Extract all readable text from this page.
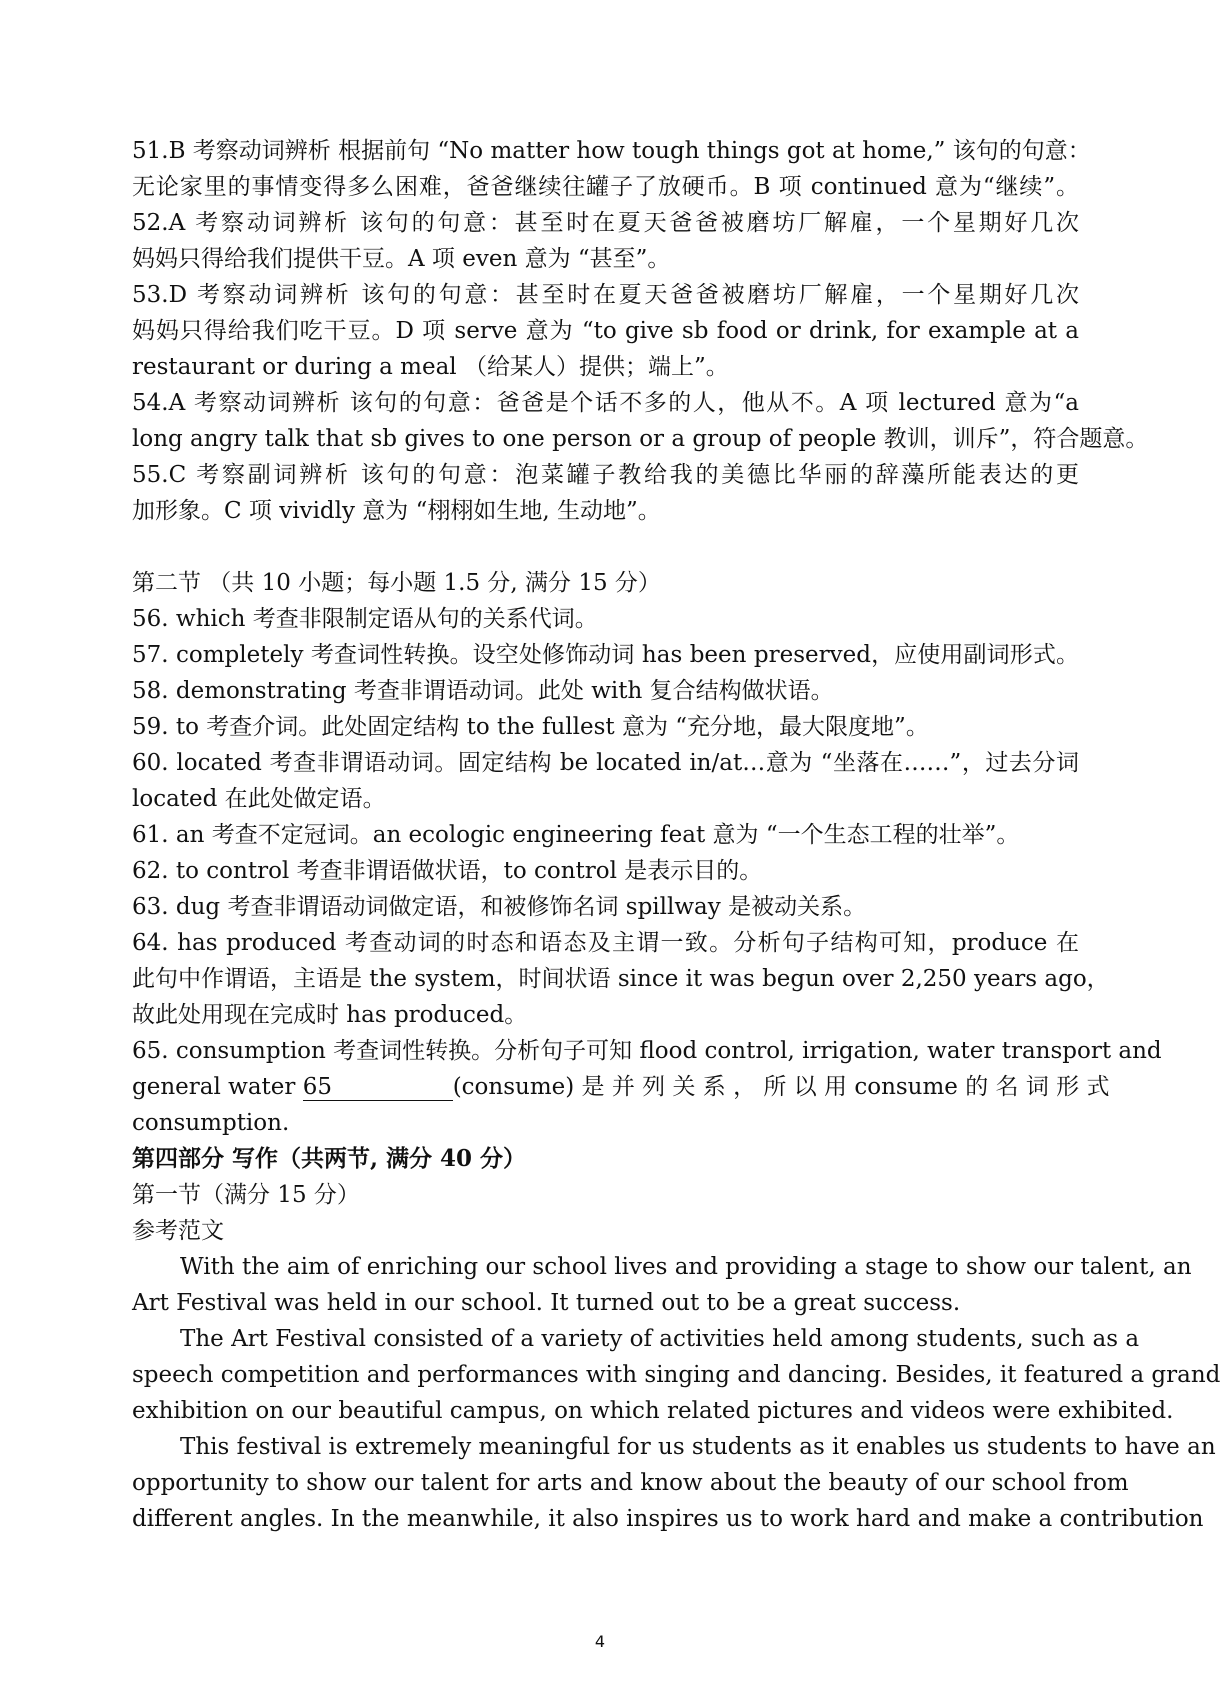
51.B 考察动词辨析 根据前句 “No matter how tough things got at home,” 该句的句意：
无论家里的事情变得多么困难，爸爸继续往罐子了放硬币。B 项 continued 意为“继续”。
52.A 考察动词辨析 该句的句意：甚至时在夏天爸爸被磨坊厂解雇，一个星期好几次
妈妈只得给我们提供干豆。A 项 even 意为 “甚至”。
53.D 考察动词辨析 该句的句意：甚至时在夏天爸爸被磨坊厂解雇，一个星期好几次
妈妈只得给我们吃干豆。D 项 serve 意为 “to give sb food or drink, for example at a
restaurant or during a meal （给某人）提供；端上”。
54.A 考察动词辨析 该句的句意：爸爸是个话不多的人，他从不。A 项 lectured 意为“a
long angry talk that sb gives to one person or a group of people 教训，训斥”，符合题意。
55.C 考察副词辨析 该句的句意：泡菜罐子教给我的美德比华丽的辞藻所能表达的更
加形象。C 项 vividly 意为 “栩栩如生地, 生动地”。
第二节 （共 10 小题；每小题 1.5 分, 满分 15 分）
56. which 考查非限制定语从句的关系代词。
57. completely 考查词性转换。设空处修饰动词 has been preserved，应使用副词形式。
58. demonstrating 考查非谓语动词。此处 with 复合结构做状语。
59. to 考查介词。此处固定结构 to the fullest 意为 “充分地，最大限度地”。
60. located 考查非谓语动词。固定结构 be located in/at…意为 “坐落在……”，过去分词
located 在此处做定语。
61. an 考查不定冠词。an ecologic engineering feat 意为 “一个生态工程的壮举”。
62. to control 考查非谓语做状语，to control 是表示目的。
63. dug 考查非谓语动词做定语，和被修饰名词 spillway 是被动关系。
64. has produced 考查动词的时态和语态及主谓一致。分析句子结构可知，produce 在
此句中作谓语，主语是 the system，时间状语 since it was begun over 2,250 years ago，
故此处用现在完成时 has produced。
65. consumption 考查词性转换。分析句子可知 flood control, irrigation, water transport and
general water 65	(consume) 是 并 列 关 系 ， 所 以 用 consume 的 名 词 形 式
consumption.
第四部分 写作（共两节, 满分 40 分）
第一节（满分 15 分）
参考范文
With the aim of enriching our school lives and providing a stage to show our talent, an
Art Festival was held in our school. It turned out to be a great success.
The Art Festival consisted of a variety of activities held among students, such as a
speech competition and performances with singing and dancing. Besides, it featured a grand
exhibition on our beautiful campus, on which related pictures and videos were exhibited.
This festival is extremely meaningful for us students as it enables us students to have an
opportunity to show our talent for arts and know about the beauty of our school from
different angles. In the meanwhile, it also inspires us to work hard and make a contribution
4
